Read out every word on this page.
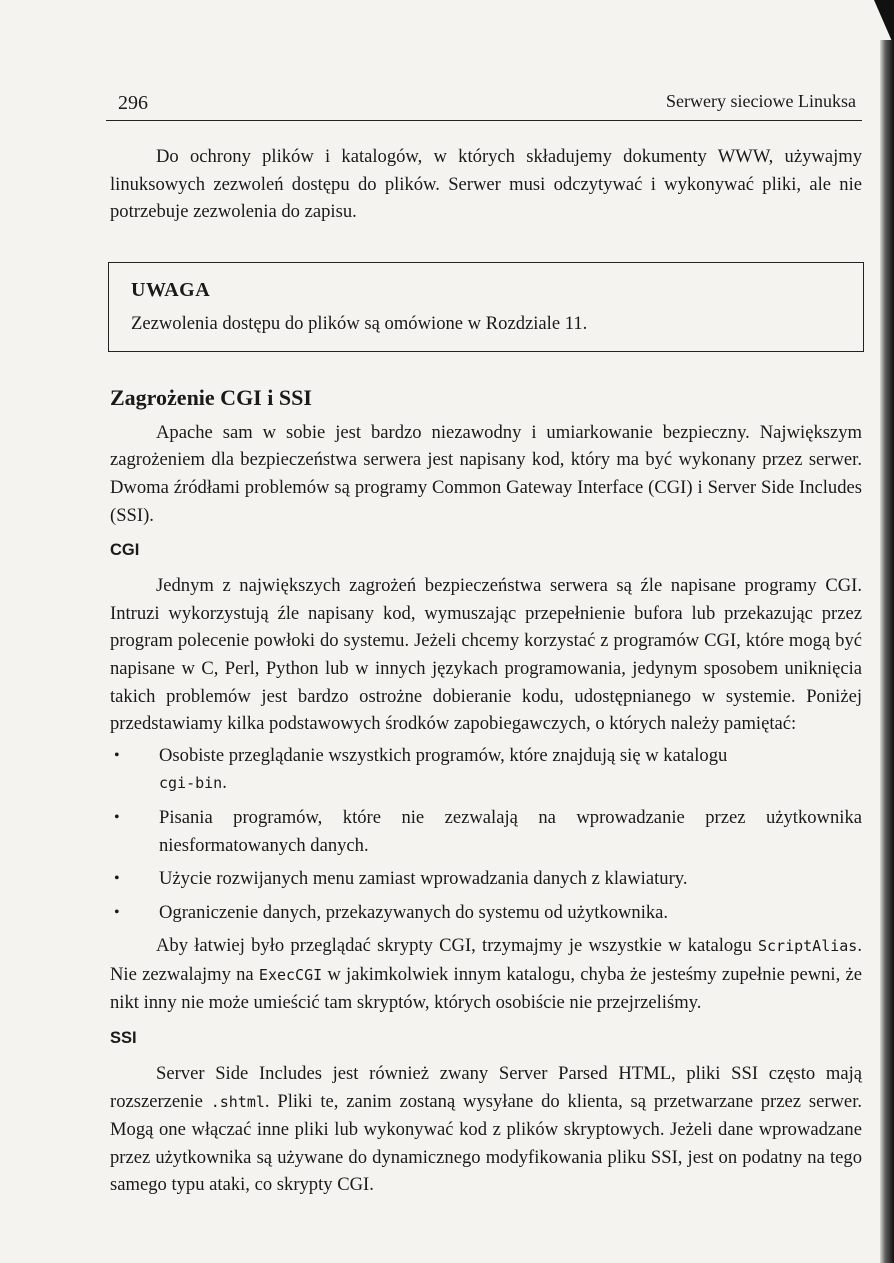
296	Serwery sieciowe Linuksa

Do ochrony plików i katalogów, w których składujemy dokumenty WWW, używajmy linuksowych zezwoleń dostępu do plików. Serwer musi odczytywać i wykonywać pliki, ale nie potrzebuje zezwolenia do zapisu.

UWAGA
Zezwolenia dostępu do plików są omówione w Rozdziale 11.
Zagrożenie CGI i SSI

Apache sam w sobie jest bardzo niezawodny i umiarkowanie bezpieczny. Największym zagrożeniem dla bezpieczeństwa serwera jest napisany kod, który ma być wykonany przez serwer. Dwoma źródłami problemów są programy Common Gateway Interface (CGI) i Server Side Includes (SSI).

CGI

Jednym z największych zagrożeń bezpieczeństwa serwera są źle napisane programy CGI. Intruzi wykorzystują źle napisany kod, wymuszając przepełnienie bufora lub przekazując przez program polecenie powłoki do systemu. Jeżeli chcemy korzystać z programów CGI, które mogą być napisane w C, Perl, Python lub w innych językach programowania, jedynym sposobem uniknięcia takich problemów jest bardzo ostrożne dobieranie kodu, udostępnianego w systemie. Poniżej przedstawiamy kilka podstawowych środków zapobiegawczych, o których należy pamiętać:

• Osobiste przeglądanie wszystkich programów, które znajdują się w katalogu
cgi-bin.
• Pisania programów, które nie zezwalają na wprowadzanie przez użytkownika niesformatowanych danych.
• Użycie rozwijanych menu zamiast wprowadzania danych z klawiatury.
• Ograniczenie danych, przekazywanych do systemu od użytkownika.

Aby łatwiej było przeglądać skrypty CGI, trzymajmy je wszystkie w katalogu ScriptAlias. Nie zezwalajmy na ExecCGI w jakimkolwiek innym katalogu, chyba że jesteśmy zupełnie pewni, że nikt inny nie może umieścić tam skryptów, których osobiście nie przejrzeliśmy.

SSI

Server Side Includes jest również zwany Server Parsed HTML, pliki SSI często mają rozszerzenie .shtml. Pliki te, zanim zostaną wysyłane do klienta, są przetwarzane przez serwer. Mogą one włączać inne pliki lub wykonywać kod z plików skryptowych. Jeżeli dane wprowadzane przez użytkownika są używane do dynamicznego modyfikowania pliku SSI, jest on podatny na tego samego typu ataki, co skrypty CGI.
